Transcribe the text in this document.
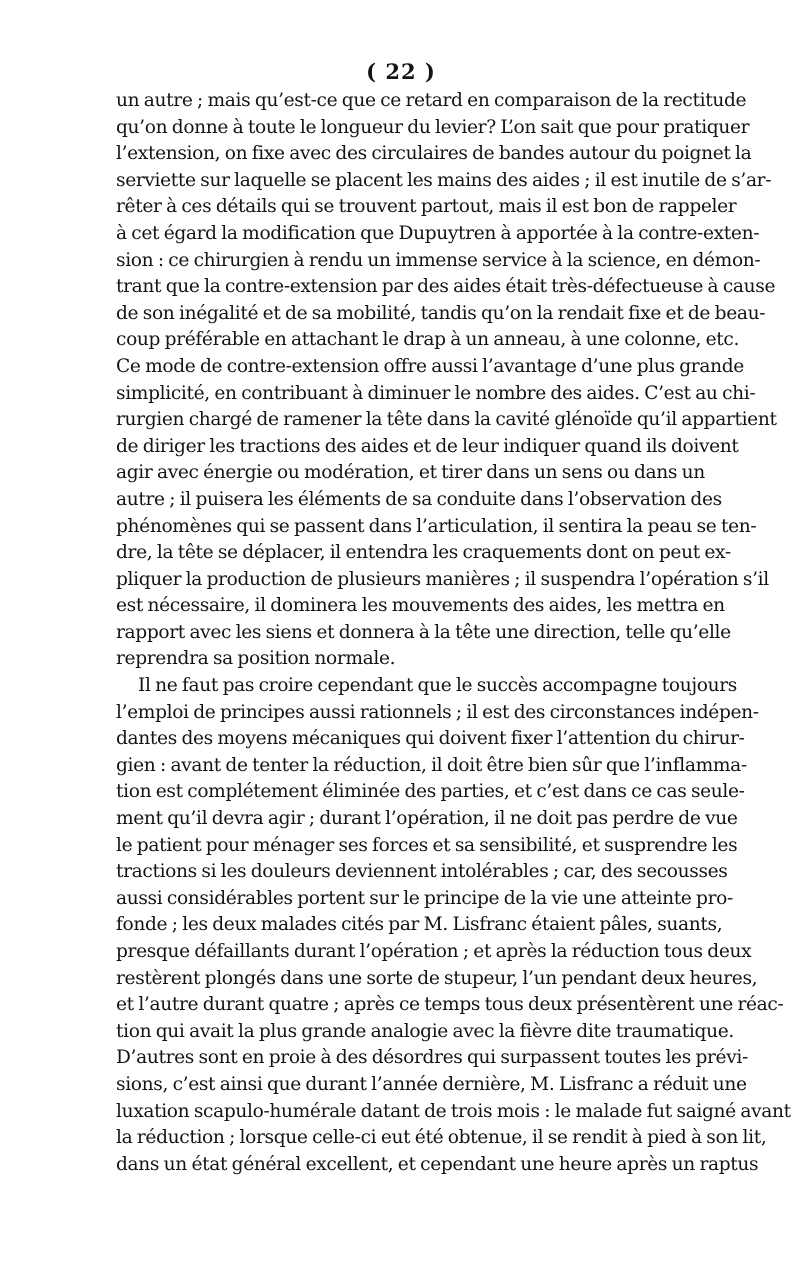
( 22 )

un autre ; mais qu’est-ce que ce retard en comparaison de la rectitude
qu’on donne à toute le longueur du levier? L’on sait que pour pratiquer
l’extension, on fixe avec des circulaires de bandes autour du poignet la
serviette sur laquelle se placent les mains des aides ; il est inutile de s’ar-
rêter à ces détails qui se trouvent partout, mais il est bon de rappeler
à cet égard la modification que Dupuytren à apportée à la contre-exten-
sion : ce chirurgien à rendu un immense service à la science, en démon-
trant que la contre-extension par des aides était très-défectueuse à cause
de son inégalité et de sa mobilité, tandis qu’on la rendait fixe et de beau-
coup préférable en attachant le drap à un anneau, à une colonne, etc.
Ce mode de contre-extension offre aussi l’avantage d’une plus grande
simplicité, en contribuant à diminuer le nombre des aides. C’est au chi-
rurgien chargé de ramener la tête dans la cavité glénoïde qu’il appartient
de diriger les tractions des aides et de leur indiquer quand ils doivent
agir avec énergie ou modération, et tirer dans un sens ou dans un
autre ; il puisera les éléments de sa conduite dans l’observation des
phénomènes qui se passent dans l’articulation, il sentira la peau se ten-
dre, la tête se déplacer, il entendra les craquements dont on peut ex-
pliquer la production de plusieurs manières ; il suspendra l’opération s’il
est nécessaire, il dominera les mouvements des aides, les mettra en
rapport avec les siens et donnera à la tête une direction, telle qu’elle
reprendra sa position normale.

Il ne faut pas croire cependant que le succès accompagne toujours
l’emploi de principes aussi rationnels ; il est des circonstances indépen-
dantes des moyens mécaniques qui doivent fixer l’attention du chirur-
gien : avant de tenter la réduction, il doit être bien sûr que l’inflamma-
tion est complétement éliminée des parties, et c’est dans ce cas seule-
ment qu’il devra agir ; durant l’opération, il ne doit pas perdre de vue
le patient pour ménager ses forces et sa sensibilité, et susprendre les
tractions si les douleurs deviennent intolérables ; car, des secousses
aussi considérables portent sur le principe de la vie une atteinte pro-
fonde ; les deux malades cités par M. Lisfranc étaient pâles, suants,
presque défaillants durant l’opération ; et après la réduction tous deux
restèrent plongés dans une sorte de stupeur, l’un pendant deux heures,
et l’autre durant quatre ; après ce temps tous deux présentèrent une réac-
tion qui avait la plus grande analogie avec la fièvre dite traumatique.
D’autres sont en proie à des désordres qui surpassent toutes les prévi-
sions, c’est ainsi que durant l’année dernière, M. Lisfranc a réduit une
luxation scapulo-humérale datant de trois mois : le malade fut saigné avant
la réduction ; lorsque celle-ci eut été obtenue, il se rendit à pied à son lit,
dans un état général excellent, et cependant une heure après un raptus
